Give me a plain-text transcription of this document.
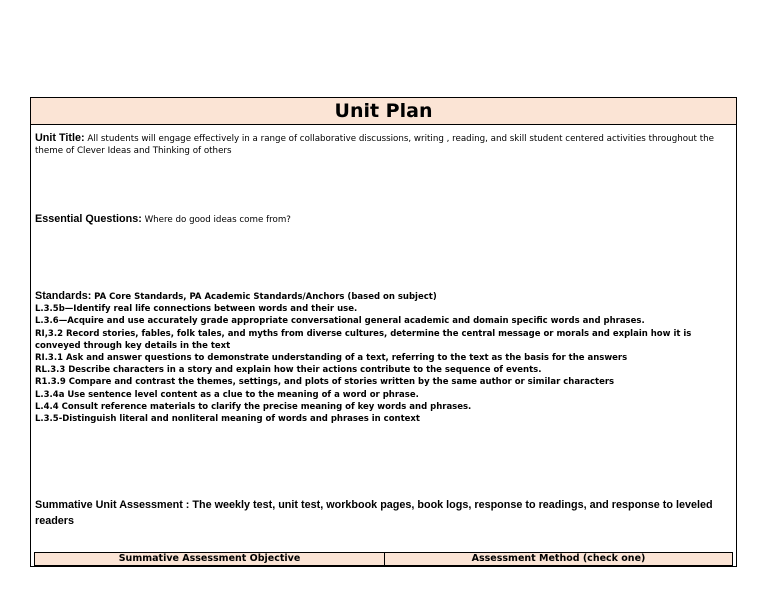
Unit Plan
Unit Title: All students will engage effectively in a range of collaborative discussions, writing , reading, and skill student centered activities throughout the theme of Clever Ideas and Thinking of others
Essential Questions: Where do good ideas come from?
Standards: PA Core Standards, PA Academic Standards/Anchors (based on subject)
L.3.5b—Identify real life connections between words and their use.
L.3.6—Acquire and use accurately grade appropriate conversational general academic and domain specific words and phrases.
RI,3.2 Record stories, fables, folk tales, and myths from diverse cultures, determine the central message or morals and explain how it is conveyed through key details in the text
RI.3.1 Ask and answer questions to demonstrate understanding of a text, referring to the text as the basis for the answers
RL.3.3 Describe characters in a story and explain how their actions contribute to the sequence of events.
R1.3.9 Compare and contrast the themes, settings, and plots of stories written by the same author or similar characters
L.3.4a Use sentence level content as a clue to the meaning of a word or phrase.
L.4.4 Consult reference materials to clarify the precise meaning of key words and phrases.
L.3.5-Distinguish literal and nonliteral meaning of words and phrases in context
Summative Unit Assessment : The weekly test, unit test, workbook pages, book logs, response to readings, and response to leveled readers
Summative Assessment Objective	Assessment Method (check one)
